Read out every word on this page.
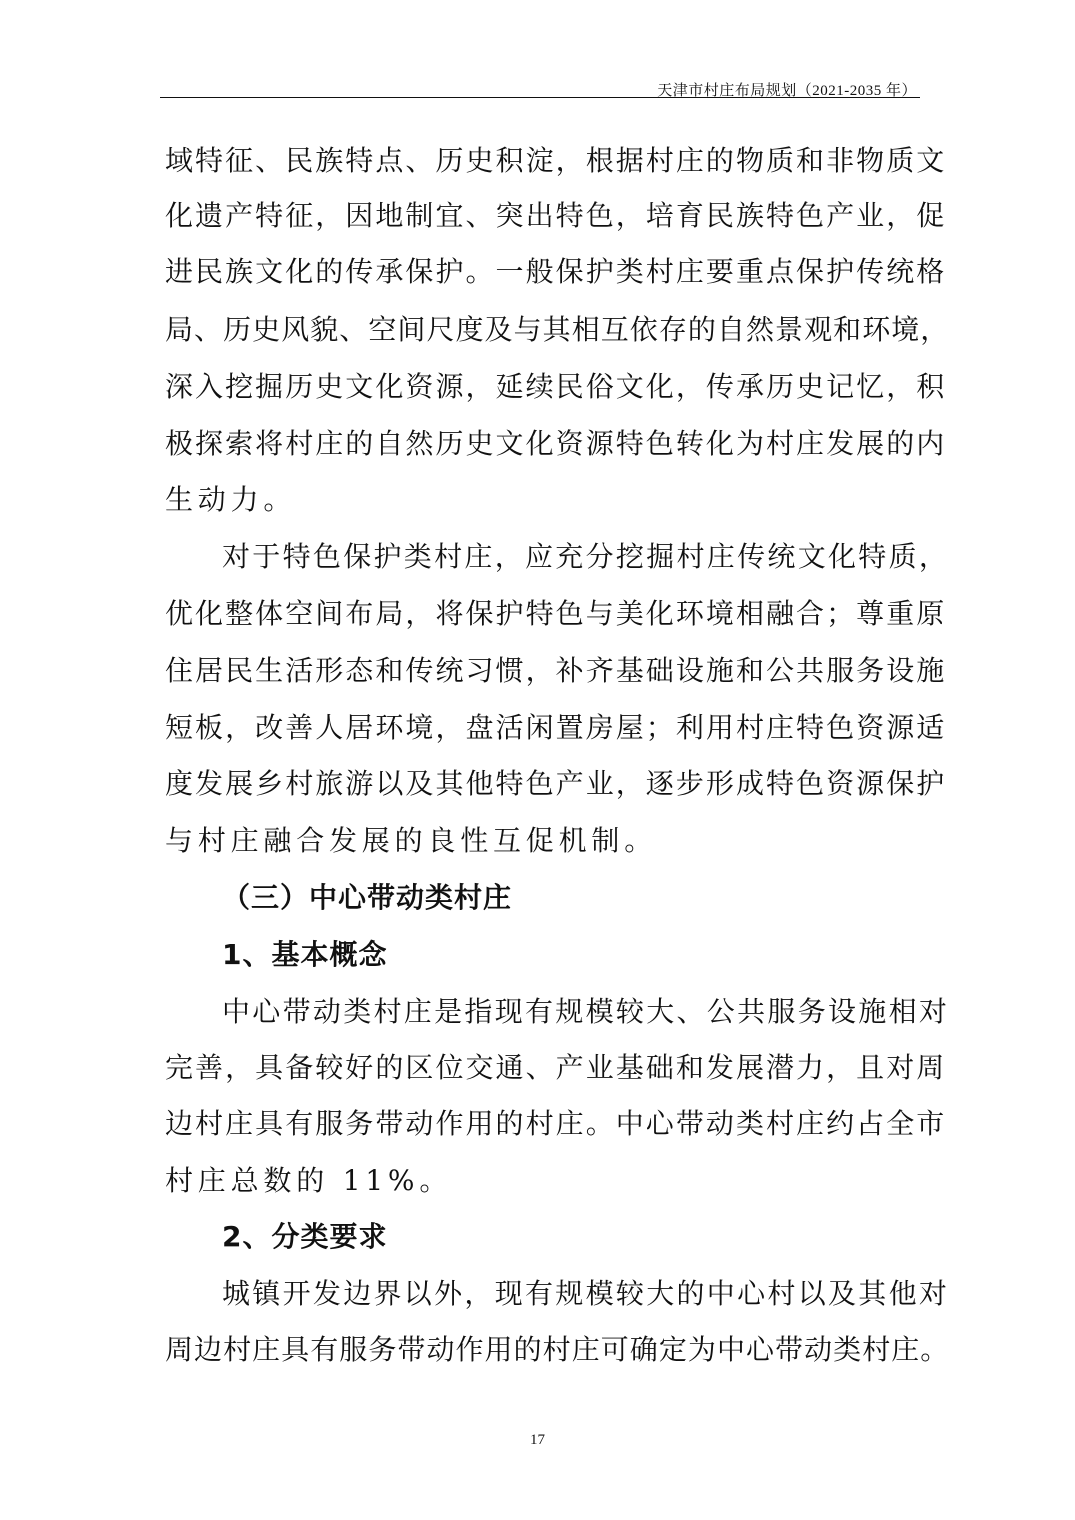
天津市村庄布局规划（2021-2035 年）
域特征、民族特点、历史积淀，根据村庄的物质和非物质文
化遗产特征，因地制宜、突出特色，培育民族特色产业，促
进民族文化的传承保护。一般保护类村庄要重点保护传统格
局、历史风貌、空间尺度及与其相互依存的自然景观和环境，
深入挖掘历史文化资源，延续民俗文化，传承历史记忆，积
极探索将村庄的自然历史文化资源特色转化为村庄发展的内
生动力。
对于特色保护类村庄，应充分挖掘村庄传统文化特质，
优化整体空间布局，将保护特色与美化环境相融合；尊重原
住居民生活形态和传统习惯，补齐基础设施和公共服务设施
短板，改善人居环境，盘活闲置房屋；利用村庄特色资源适
度发展乡村旅游以及其他特色产业，逐步形成特色资源保护
与村庄融合发展的良性互促机制。
（三）中心带动类村庄
1、基本概念
中心带动类村庄是指现有规模较大、公共服务设施相对
完善，具备较好的区位交通、产业基础和发展潜力，且对周
边村庄具有服务带动作用的村庄。中心带动类村庄约占全市
村庄总数的 11%。
2、分类要求
城镇开发边界以外，现有规模较大的中心村以及其他对
周边村庄具有服务带动作用的村庄可确定为中心带动类村庄。
17
